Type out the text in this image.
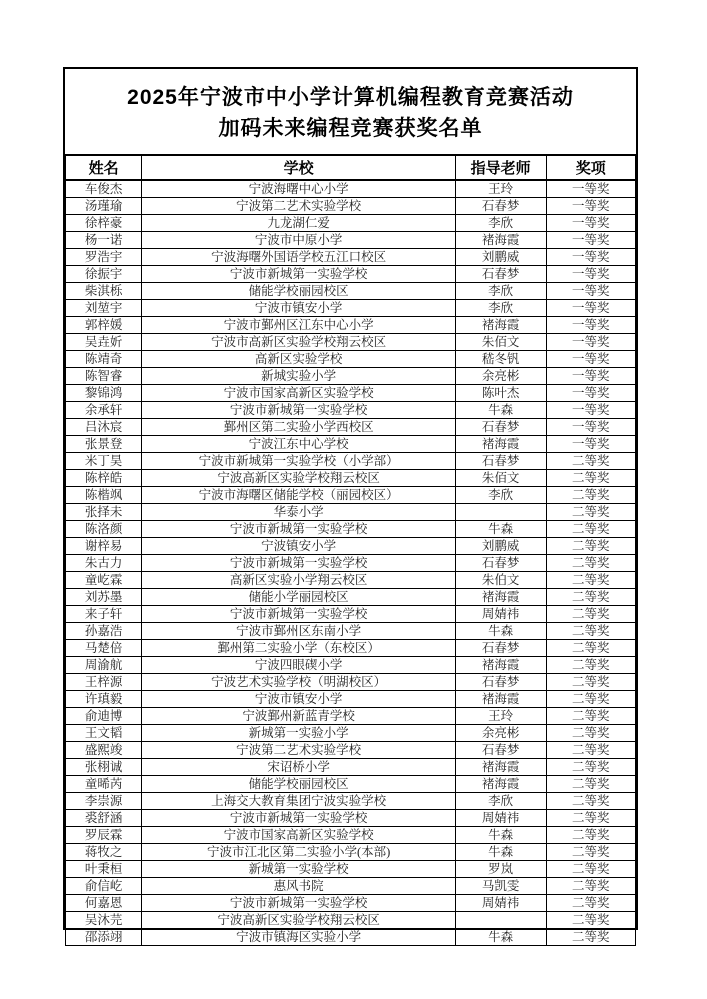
2025年宁波市中小学计算机编程教育竞赛活动
加码未来编程竞赛获奖名单
姓名	学校	指导老师	奖项
车俊杰	宁波海曙中心小学	王玲	一等奖
汤瑾瑜	宁波第二艺术实验学校	石春梦	一等奖
徐梓豪	九龙湖仁爱	李欣	一等奖
杨一诺	宁波市中原小学	褚海霞	一等奖
罗浩宇	宁波海曙外国语学校五江口校区	刘鹏威	一等奖
徐振宇	宁波市新城第一实验学校	石春梦	一等奖
柴淇栎	储能学校丽园校区	李欣	一等奖
刘堃宇	宁波市镇安小学	李欣	一等奖
郭梓媛	宁波市鄞州区江东中心小学	褚海霞	一等奖
吴垚妡	宁波市高新区实验学校翔云校区	朱佰文	一等奖
陈靖奇	高新区实验学校	嵇冬钒	一等奖
陈智睿	新城实验小学	余亮彬	一等奖
黎锦鸿	宁波市国家高新区实验学校	陈叶杰	一等奖
余承轩	宁波市新城第一实验学校	牛森	一等奖
吕沐宸	鄞州区第二实验小学西校区	石春梦	一等奖
张景登	宁波江东中心学校	褚海霞	一等奖
米丁昊	宁波市新城第一实验学校（小学部）	石春梦	二等奖
陈梓皓	宁波高新区实验学校翔云校区	朱佰文	二等奖
陈楷飒	宁波市海曙区储能学校（丽园校区）	李欣	二等奖
张择未	华泰小学		二等奖
陈洛颜	宁波市新城第一实验学校	牛森	二等奖
谢梓易	宁波镇安小学	刘鹏威	二等奖
朱古力	宁波市新城第一实验学校	石春梦	二等奖
童屹霖	高新区实验小学翔云校区	朱伯文	二等奖
刘苏墨	储能小学丽园校区	褚海霞	二等奖
来子轩	宁波市新城第一实验学校	周婧祎	二等奖
孙嘉浩	宁波市鄞州区东南小学	牛森	二等奖
马楚倍	鄞州第二实验小学（东校区）	石春梦	二等奖
周渝航	宁波四眼碶小学	褚海霞	二等奖
王梓源	宁波艺术实验学校（明湖校区）	石春梦	二等奖
许瑱毅	宁波市镇安小学	褚海霞	二等奖
俞迪博	宁波鄞州新蓝青学校	王玲	二等奖
王文韬	新城第一实验小学	余亮彬	二等奖
盛熙竣	宁波第二艺术实验学校	石春梦	二等奖
张栩诚	宋诏桥小学	褚海霞	二等奖
童晞芮	储能学校丽园校区	褚海霞	二等奖
李崇源	上海交大教育集团宁波实验学校	李欣	二等奖
裘舒涵	宁波市新城第一实验学校	周婧祎	二等奖
罗辰霖	宁波市国家高新区实验学校	牛森	二等奖
蒋牧之	宁波市江北区第二实验小学(本部)	牛森	二等奖
叶秉桓	新城第一实验学校	罗岚	二等奖
俞信屹	惠风书院	马凯雯	二等奖
何嘉恩	宁波市新城第一实验学校	周婧祎	二等奖
吴沐芫	宁波高新区实验学校翔云校区		二等奖
邵添翊	宁波市镇海区实验小学	牛森	二等奖
